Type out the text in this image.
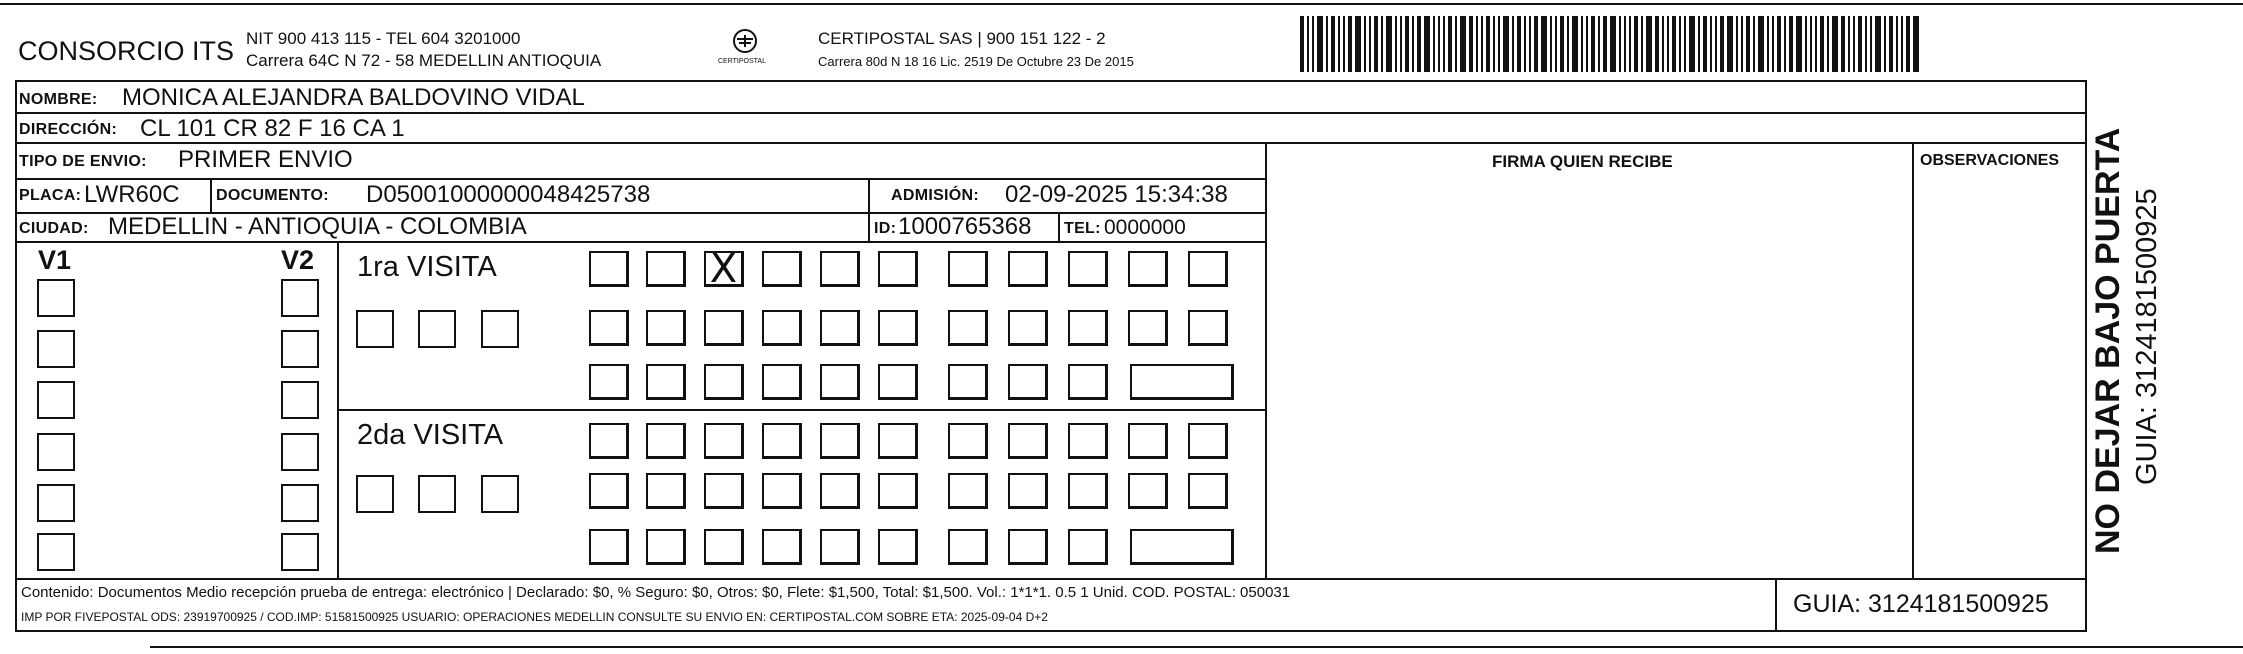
CONSORCIO ITS NIT 900 413 115 - TEL 604 3201000
Carrera 64C N 72 - 58 MEDELLIN ANTIOQUIA	CERTIPOSTAL
CERTIPOSTAL SAS | 900 151 122 - 2
Carrera 80d N 18 16 Lic. 2519 De Octubre 23 De 2015
NOMBRE: MONICA ALEJANDRA BALDOVINO VIDAL
DIRECCIÓN: CL 101 CR 82 F 16 CA 1
TIPO DE ENVIO: PRIMER ENVIO	FIRMA QUIEN RECIBE	OBSERVACIONES
PLACA: LWR60C DOCUMENTO: D05001000000048425738	ADMISIÓN: 02-09-2025 15:34:38
CIUDAD: MEDELLIN - ANTIOQUIA - COLOMBIA	ID: 1000765368 TEL: 0000000
V1	V2 1ra VISITA	X
2da VISITA
Contenido: Documentos Medio recepción prueba de entrega: electrónico | Declarado: $0, % Seguro: $0, Otros: $0, Flete: $1,500, Total: $1,500. Vol.: 1*1*1. 0.5 1 Unid. COD. POSTAL: 050031
IMP POR FIVEPOSTAL ODS: 23919700925 / COD.IMP: 51581500925 USUARIO: OPERACIONES MEDELLIN CONSULTE SU ENVIO EN: CERTIPOSTAL.COM SOBRE ETA: 2025-09-04 D+2	GUIA: 3124181500925
NO DEJAR BAJO PUERTA GUIA: 3124181500925
